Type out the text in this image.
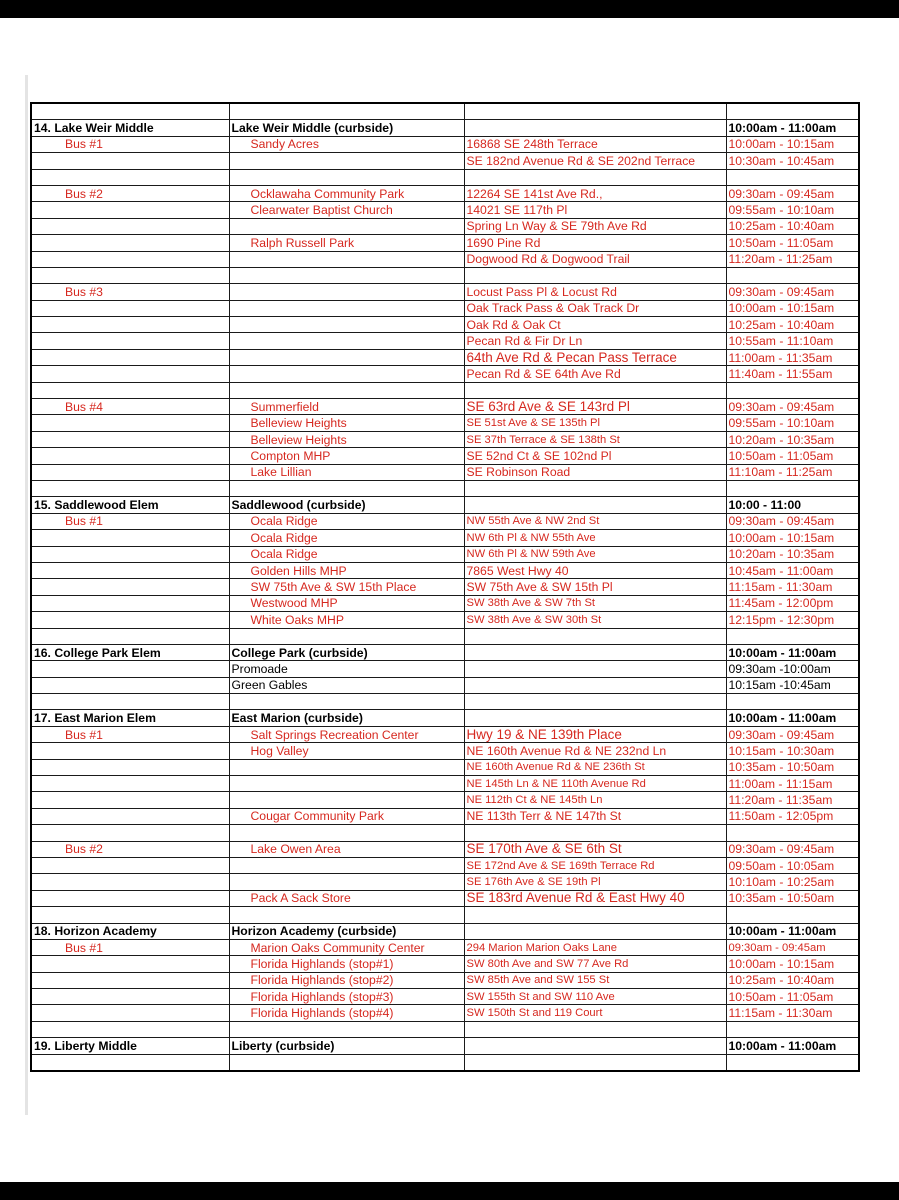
14. Lake Weir Middle	Lake Weir Middle (curbside)		10:00am - 11:00am
Bus #1	Sandy Acres	16868 SE 248th Terrace	10:00am - 10:15am
		SE 182nd Avenue Rd & SE 202nd Terrace	10:30am - 10:45am

Bus #2	Ocklawaha Community Park	12264 SE 141st Ave Rd.,	09:30am - 09:45am
	Clearwater Baptist Church	14021 SE 117th Pl	09:55am - 10:10am
		Spring Ln Way & SE 79th Ave Rd	10:25am - 10:40am
	Ralph Russell Park	1690 Pine Rd	10:50am - 11:05am
		Dogwood Rd & Dogwood Trail	11:20am - 11:25am

Bus #3		Locust Pass Pl & Locust Rd	09:30am - 09:45am
		Oak Track Pass & Oak Track Dr	10:00am - 10:15am
		Oak Rd & Oak Ct	10:25am - 10:40am
		Pecan Rd & Fir Dr Ln	10:55am - 11:10am
		64th Ave Rd & Pecan Pass Terrace	11:00am - 11:35am
		Pecan Rd & SE 64th Ave Rd	11:40am - 11:55am

Bus #4	Summerfield	SE 63rd Ave & SE 143rd Pl	09:30am - 09:45am
	Belleview Heights	SE 51st Ave & SE 135th Pl	09:55am - 10:10am
	Belleview Heights	SE 37th Terrace & SE 138th St	10:20am - 10:35am
	Compton MHP	SE 52nd Ct & SE 102nd Pl	10:50am - 11:05am
	Lake Lillian	SE Robinson Road	11:10am - 11:25am

15. Saddlewood Elem	Saddlewood (curbside)		10:00 - 11:00
Bus #1	Ocala Ridge	NW 55th Ave & NW 2nd St	09:30am - 09:45am
	Ocala Ridge	NW 6th Pl & NW 55th Ave	10:00am - 10:15am
	Ocala Ridge	NW 6th Pl & NW 59th Ave	10:20am - 10:35am
	Golden Hills MHP	7865 West Hwy 40	10:45am - 11:00am
	SW 75th Ave & SW 15th Place	SW 75th Ave & SW 15th Pl	11:15am - 11:30am
	Westwood MHP	SW 38th Ave & SW 7th St	11:45am - 12:00pm
	White Oaks MHP	SW 38th Ave & SW 30th St	12:15pm - 12:30pm

16. College Park Elem	College Park (curbside)		10:00am - 11:00am
	Promoade		09:30am -10:00am
	Green Gables		10:15am -10:45am

17. East Marion Elem	East Marion (curbside)		10:00am - 11:00am
Bus #1	Salt Springs Recreation Center	Hwy 19 & NE 139th Place	09:30am - 09:45am
	Hog Valley	NE 160th Avenue Rd & NE 232nd Ln	10:15am - 10:30am
		NE 160th Avenue Rd & NE 236th St	10:35am - 10:50am
		NE 145th Ln & NE 110th Avenue Rd	11:00am - 11:15am
		NE 112th Ct & NE 145th Ln	11:20am - 11:35am
	Cougar Community Park	NE 113th Terr & NE 147th St	11:50am - 12:05pm

Bus #2	Lake Owen Area	SE 170th Ave & SE 6th St	09:30am - 09:45am
		SE 172nd Ave & SE 169th Terrace Rd	09:50am - 10:05am
		SE 176th Ave & SE 19th Pl	10:10am - 10:25am
	Pack A Sack Store	SE 183rd Avenue Rd & East Hwy 40	10:35am - 10:50am

18. Horizon Academy	Horizon Academy (curbside)		10:00am - 11:00am
Bus #1	Marion Oaks Community Center	294 Marion Marion Oaks Lane	09:30am - 09:45am
	Florida Highlands (stop#1)	SW 80th Ave and SW 77 Ave Rd	10:00am - 10:15am
	Florida Highlands (stop#2)	SW 85th Ave and SW 155 St	10:25am - 10:40am
	Florida Highlands (stop#3)	SW 155th St and SW 110 Ave	10:50am - 11:05am
	Florida Highlands (stop#4)	SW 150th St and 119 Court	11:15am - 11:30am

19. Liberty Middle	Liberty (curbside)		10:00am - 11:00am
